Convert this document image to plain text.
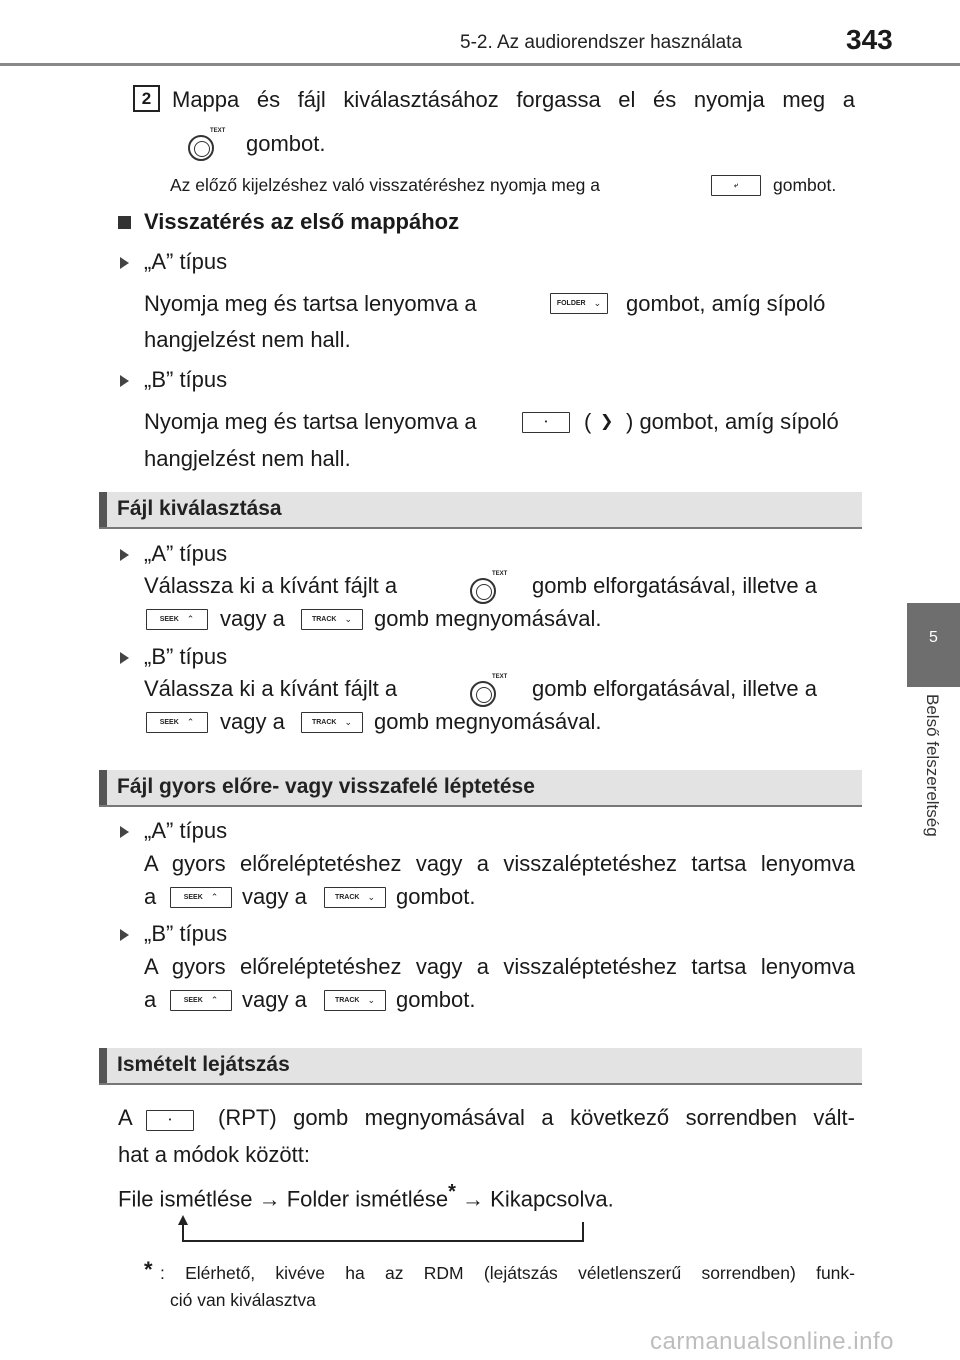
5-2. Az audiorendszer használata	343
5
Belső felszereltség
2 Mappa és fájl kiválasztásához forgassa el és nyomja meg a
TEXT gombot.
Az előző kijelzéshez való visszatéréshez nyomja meg a	⤶ gombot.
Visszatérés az első mappához
„A” típus
Nyomja meg és tartsa lenyomva a	FOLDER ⌄ gombot, amíg sípoló
hangjelzést nem hall.
„B” típus
Nyomja meg és tartsa lenyomva a	• ( ❯ ) gombot, amíg sípoló
hangjelzést nem hall.
Fájl kiválasztása
„A” típus
Válassza ki a kívánt fájlt a	TEXT gomb elforgatásával, illetve a
SEEK ⌃ vagy a	TRACK ⌄ gomb megnyomásával.
„B” típus
Válassza ki a kívánt fájlt a	TEXT gomb elforgatásával, illetve a
SEEK ⌃ vagy a	TRACK ⌄ gomb megnyomásával.
Fájl gyors előre- vagy visszafelé léptetése
„A” típus
A gyors előreléptetéshez vagy a visszaléptetéshez tartsa lenyomva
a	SEEK ⌃ vagy a	TRACK ⌄ gombot.
„B” típus
A gyors előreléptetéshez vagy a visszaléptetéshez tartsa lenyomva
a	SEEK ⌃ vagy a	TRACK ⌄ gombot.
Ismételt lejátszás
A	• (RPT) gomb megnyomásával a következő sorrendben vált-
hat a módok között:
File ismétlése → Folder ismétlése* → Kikapcsolva.
* : Elérhető, kivéve ha az RDM (lejátszás véletlenszerű sorrendben) funk-
ció van kiválasztva
carmanualsonline.info
